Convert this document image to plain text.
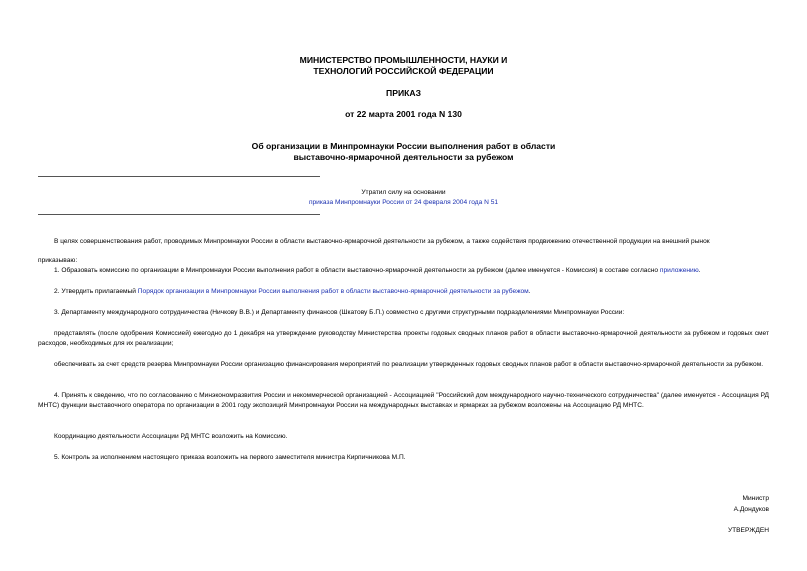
МИНИСТЕРСТВО ПРОМЫШЛЕННОСТИ, НАУКИ И
ТЕХНОЛОГИЙ РОССИЙСКОЙ ФЕДЕРАЦИИ
ПРИКАЗ
от 22 марта 2001 года N 130
Об организации в Минпромнауки России выполнения работ в области
выставочно-ярмарочной деятельности за рубежом
Утратил силу на основании
приказа Минпромнауки России от 24 февраля 2004 года N 51
В целях совершенствования работ, проводимых Минпромнауки России в области выставочно-ярмарочной деятельности за рубежом, а также содействия продвижению отечественной продукции на внешний рынок
приказываю:
1. Образовать комиссию по организации в Минпромнауки России выполнения работ в области выставочно-ярмарочной деятельности за рубежом (далее именуется - Комиссия) в составе согласно приложению.
2. Утвердить прилагаемый Порядок организации в Минпромнауки России выполнения работ в области выставочно-ярмарочной деятельности за рубежом.
3. Департаменту международного сотрудничества (Ничкову В.В.) и Департаменту финансов (Шкатову Б.П.) совместно с другими структурными подразделениями Минпромнауки России:
представлять (после одобрения Комиссией) ежегодно до 1 декабря на утверждение руководству Министерства проекты годовых сводных планов работ в области выставочно-ярмарочной деятельности за рубежом и годовых смет расходов, необходимых для их реализации;
обеспечивать за счет средств резерва Минпромнауки России организацию финансирования мероприятий по реализации утвержденных годовых сводных планов работ в области выставочно-ярмарочной деятельности за рубежом.
4. Принять к сведению, что по согласованию с Минэкономразвития России и некоммерческой организацией - Ассоциацией "Российский дом международного научно-технического сотрудничества" (далее именуется - Ассоциация РД МНТС) функции выставочного оператора по организации в 2001 году экспозиций Минпромнауки России на международных выставках и ярмарках за рубежом возложены на Ассоциацию РД МНТС.
Координацию деятельности Ассоциации РД МНТС возложить на Комиссию.
5. Контроль за исполнением настоящего приказа возложить на первого заместителя министра Кирпичникова М.П.
Министр
А.Дондуков
УТВЕРЖДЕН
